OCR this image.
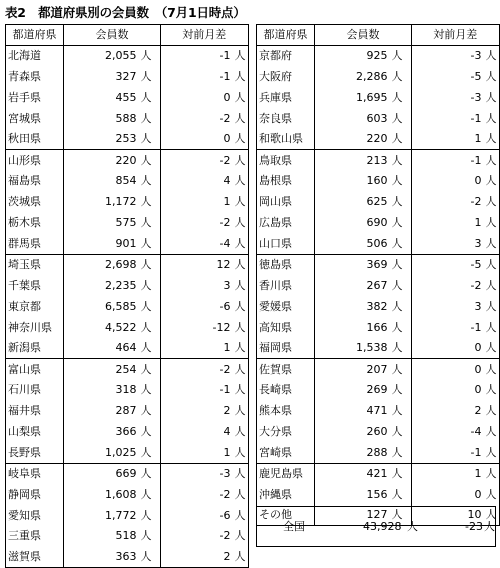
表2　都道府県別の会員数　（7月1日時点）
都道府県	会員数		対前月差	
北海道	2,055	人	-1	人
青森県	327	人	-1	人
岩手県	455	人	0	人
宮城県	588	人	-2	人
秋田県	253	人	0	人
山形県	220	人	-2	人
福島県	854	人	4	人
茨城県	1,172	人	1	人
栃木県	575	人	-2	人
群馬県	901	人	-4	人
埼玉県	2,698	人	12	人
千葉県	2,235	人	3	人
東京都	6,585	人	-6	人
神奈川県	4,522	人	-12	人
新潟県	464	人	1	人
富山県	254	人	-2	人
石川県	318	人	-1	人
福井県	287	人	2	人
山梨県	366	人	4	人
長野県	1,025	人	1	人
岐阜県	669	人	-3	人
静岡県	1,608	人	-2	人
愛知県	1,772	人	-6	人
三重県	518	人	-2	人
滋賀県	363	人	2	人
都道府県	会員数		対前月差	
京都府	925	人	-3	人
大阪府	2,286	人	-5	人
兵庫県	1,695	人	-3	人
奈良県	603	人	-1	人
和歌山県	220	人	1	人
鳥取県	213	人	-1	人
島根県	160	人	0	人
岡山県	625	人	-2	人
広島県	690	人	1	人
山口県	506	人	3	人
徳島県	369	人	-5	人
香川県	267	人	-2	人
愛媛県	382	人	3	人
高知県	166	人	-1	人
福岡県	1,538	人	0	人
佐賀県	207	人	0	人
長崎県	269	人	0	人
熊本県	471	人	2	人
大分県	260	人	-4	人
宮崎県	288	人	-1	人
鹿児島県	421	人	1	人
沖縄県	156	人	0	人
その他	127	人	10	人
全国	43,928 人	-23 人
